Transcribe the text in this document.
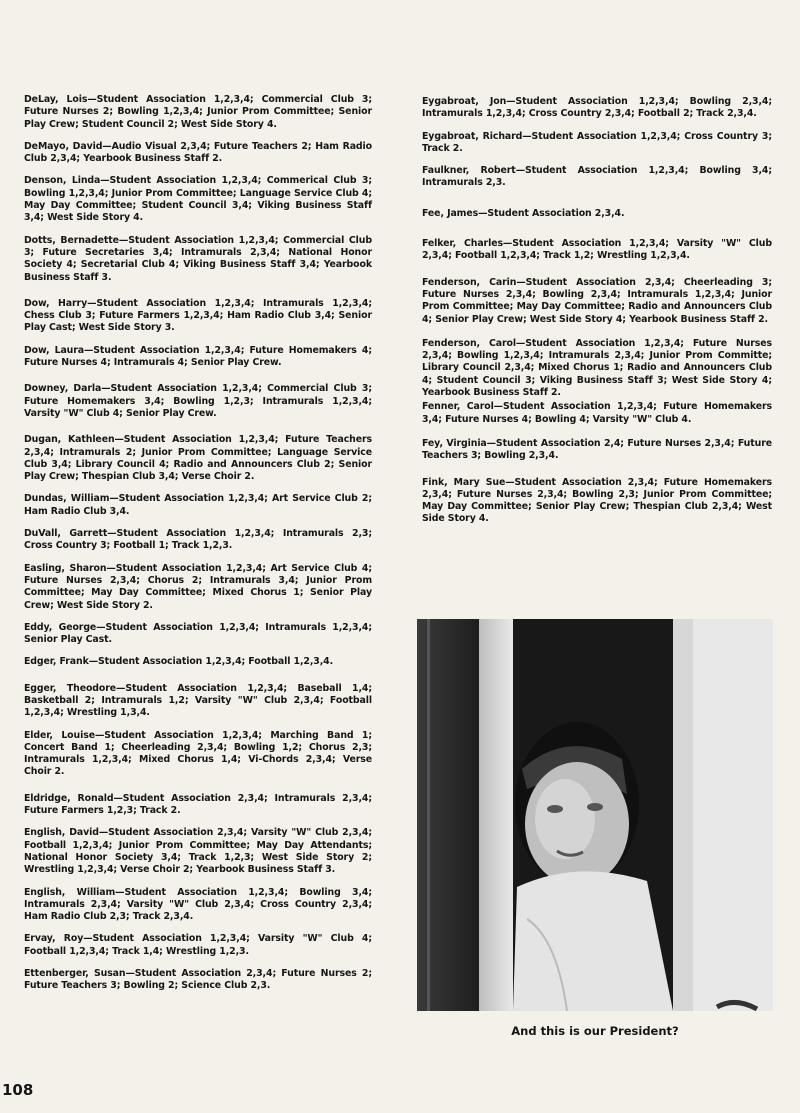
DeLay, Lois—Student Association 1,2,3,4; Commercial Club 3; Future Nurses 2; Bowling 1,2,3,4; Junior Prom Committee; Senior Play Crew; Student Council 2; West Side Story 4.

DeMayo, David—Audio Visual 2,3,4; Future Teachers 2; Ham Radio Club 2,3,4; Yearbook Business Staff 2.

Denson, Linda—Student Association 1,2,3,4; Commerical Club 3; Bowling 1,2,3,4; Junior Prom Committee; Language Service Club 4; May Day Committee; Student Council 3,4; Viking Business Staff 3,4; West Side Story 4.

Dotts, Bernadette—Student Association 1,2,3,4; Commercial Club 3; Future Secretaries 3,4; Intramurals 2,3,4; National Honor Society 4; Secretarial Club 4; Viking Business Staff 3,4; Yearbook Business Staff 3.

Dow, Harry—Student Association 1,2,3,4; Intramurals 1,2,3,4; Chess Club 3; Future Farmers 1,2,3,4; Ham Radio Club 3,4; Senior Play Cast; West Side Story 3.

Dow, Laura—Student Association 1,2,3,4; Future Homemakers 4; Future Nurses 4; Intramurals 4; Senior Play Crew.

Downey, Darla—Student Association 1,2,3,4; Commercial Club 3; Future Homemakers 3,4; Bowling 1,2,3; Intramurals 1,2,3,4; Varsity "W" Club 4; Senior Play Crew.

Dugan, Kathleen—Student Association 1,2,3,4; Future Teachers 2,3,4; Intramurals 2; Junior Prom Committee; Language Service Club 3,4; Library Council 4; Radio and Announcers Club 2; Senior Play Crew; Thespian Club 3,4; Verse Choir 2.

Dundas, William—Student Association 1,2,3,4; Art Service Club 2; Ham Radio Club 3,4.

DuVall, Garrett—Student Association 1,2,3,4; Intramurals 2,3; Cross Country 3; Football 1; Track 1,2,3.

Easling, Sharon—Student Association 1,2,3,4; Art Service Club 4; Future Nurses 2,3,4; Chorus 2; Intramurals 3,4; Junior Prom Committee; May Day Committee; Mixed Chorus 1; Senior Play Crew; West Side Story 2.

Eddy, George—Student Association 1,2,3,4; Intramurals 1,2,3,4; Senior Play Cast.

Edger, Frank—Student Association 1,2,3,4; Football 1,2,3,4.

Egger, Theodore—Student Association 1,2,3,4; Baseball 1,4; Basketball 2; Intramurals 1,2; Varsity "W" Club 2,3,4; Football 1,2,3,4; Wrestling 1,3,4.

Elder, Louise—Student Association 1,2,3,4; Marching Band 1; Concert Band 1; Cheerleading 2,3,4; Bowling 1,2; Chorus 2,3; Intramurals 1,2,3,4; Mixed Chorus 1,4; Vi-Chords 2,3,4; Verse Choir 2.

Eldridge, Ronald—Student Association 2,3,4; Intramurals 2,3,4; Future Farmers 1,2,3; Track 2.

English, David—Student Association 2,3,4; Varsity "W" Club 2,3,4; Football 1,2,3,4; Junior Prom Committee; May Day Attendants; National Honor Society 3,4; Track 1,2,3; West Side Story 2; Wrestling 1,2,3,4; Verse Choir 2; Yearbook Business Staff 3.

English, William—Student Association 1,2,3,4; Bowling 3,4; Intramurals 2,3,4; Varsity "W" Club 2,3,4; Cross Country 2,3,4; Ham Radio Club 2,3; Track 2,3,4.

Ervay, Roy—Student Association 1,2,3,4; Varsity "W" Club 4; Football 1,2,3,4; Track 1,4; Wrestling 1,2,3.

Ettenberger, Susan—Student Association 2,3,4; Future Nurses 2; Future Teachers 3; Bowling 2; Science Club 2,3.

Eygabroat, Jon—Student Association 1,2,3,4; Bowling 2,3,4; Intramurals 1,2,3,4; Cross Country 2,3,4; Football 2; Track 2,3,4.

Eygabroat, Richard—Student Association 1,2,3,4; Cross Country 3; Track 2.

Faulkner, Robert—Student Association 1,2,3,4; Bowling 3,4; Intramurals 2,3.

Fee, James—Student Association 2,3,4.

Felker, Charles—Student Association 1,2,3,4; Varsity "W" Club 2,3,4; Football 1,2,3,4; Track 1,2; Wrestling 1,2,3,4.

Fenderson, Carin—Student Association 2,3,4; Cheerleading 3; Future Nurses 2,3,4; Bowling 2,3,4; Intramurals 1,2,3,4; Junior Prom Committee; May Day Committee; Radio and Announcers Club 4; Senior Play Crew; West Side Story 4; Yearbook Business Staff 2.

Fenderson, Carol—Student Association 1,2,3,4; Future Nurses 2,3,4; Bowling 1,2,3,4; Intramurals 2,3,4; Junior Prom Committe; Library Council 2,3,4; Mixed Chorus 1; Radio and Announcers Club 4; Student Council 3; Viking Business Staff 3; West Side Story 4; Yearbook Business Staff 2.

Fenner, Carol—Student Association 1,2,3,4; Future Homemakers 3,4; Future Nurses 4; Bowling 4; Varsity "W" Club 4.

Fey, Virginia—Student Association 2,4; Future Nurses 2,3,4; Future Teachers 3; Bowling 2,3,4.

Fink, Mary Sue—Student Association 2,3,4; Future Homemakers 2,3,4; Future Nurses 2,3,4; Bowling 2,3; Junior Prom Committee; May Day Committee; Senior Play Crew; Thespian Club 2,3,4; West Side Story 4.

And this is our President?
108
